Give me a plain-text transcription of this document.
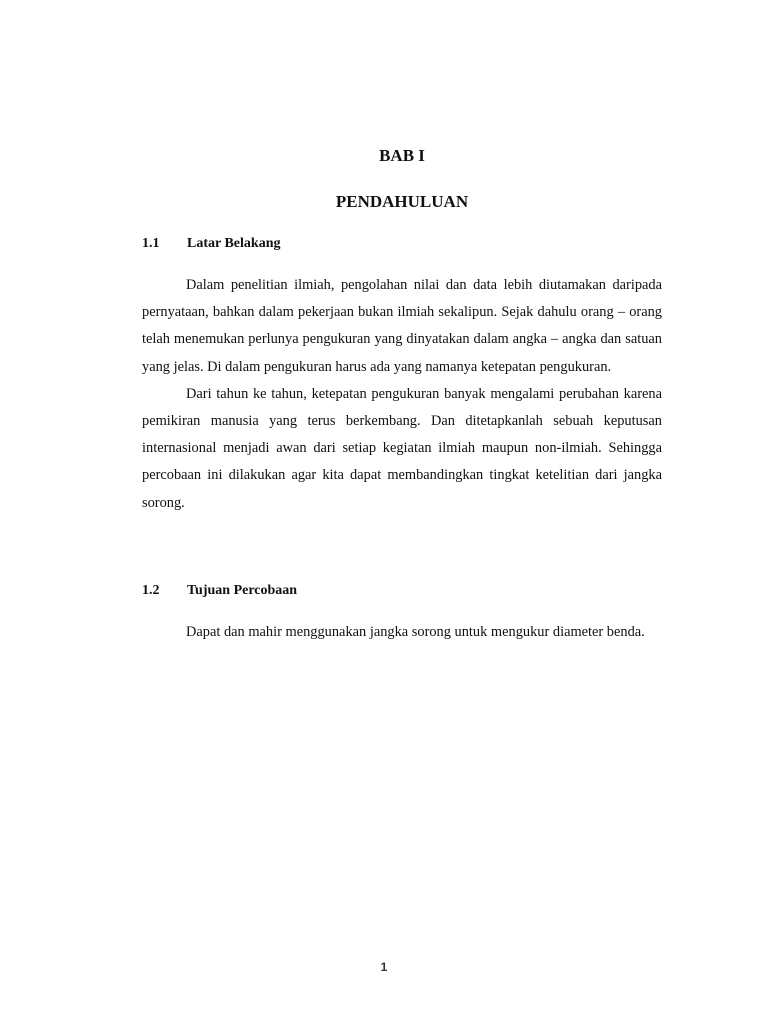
BAB I
PENDAHULUAN
1.1 Latar Belakang

Dalam penelitian ilmiah, pengolahan nilai dan data lebih diutamakan daripada pernyataan, bahkan dalam pekerjaan bukan ilmiah sekalipun. Sejak dahulu orang – orang telah menemukan perlunya pengukuran yang dinyatakan dalam angka – angka dan satuan yang jelas. Di dalam pengukuran harus ada yang namanya ketepatan pengukuran.

Dari tahun ke tahun, ketepatan pengukuran banyak mengalami perubahan karena pemikiran manusia yang terus berkembang. Dan ditetapkanlah sebuah keputusan internasional menjadi awan dari setiap kegiatan ilmiah maupun non-ilmiah. Sehingga percobaan ini dilakukan agar kita dapat membandingkan tingkat ketelitian dari jangka sorong.

1.2 Tujuan Percobaan

Dapat dan mahir menggunakan jangka sorong untuk mengukur diameter benda.

1
